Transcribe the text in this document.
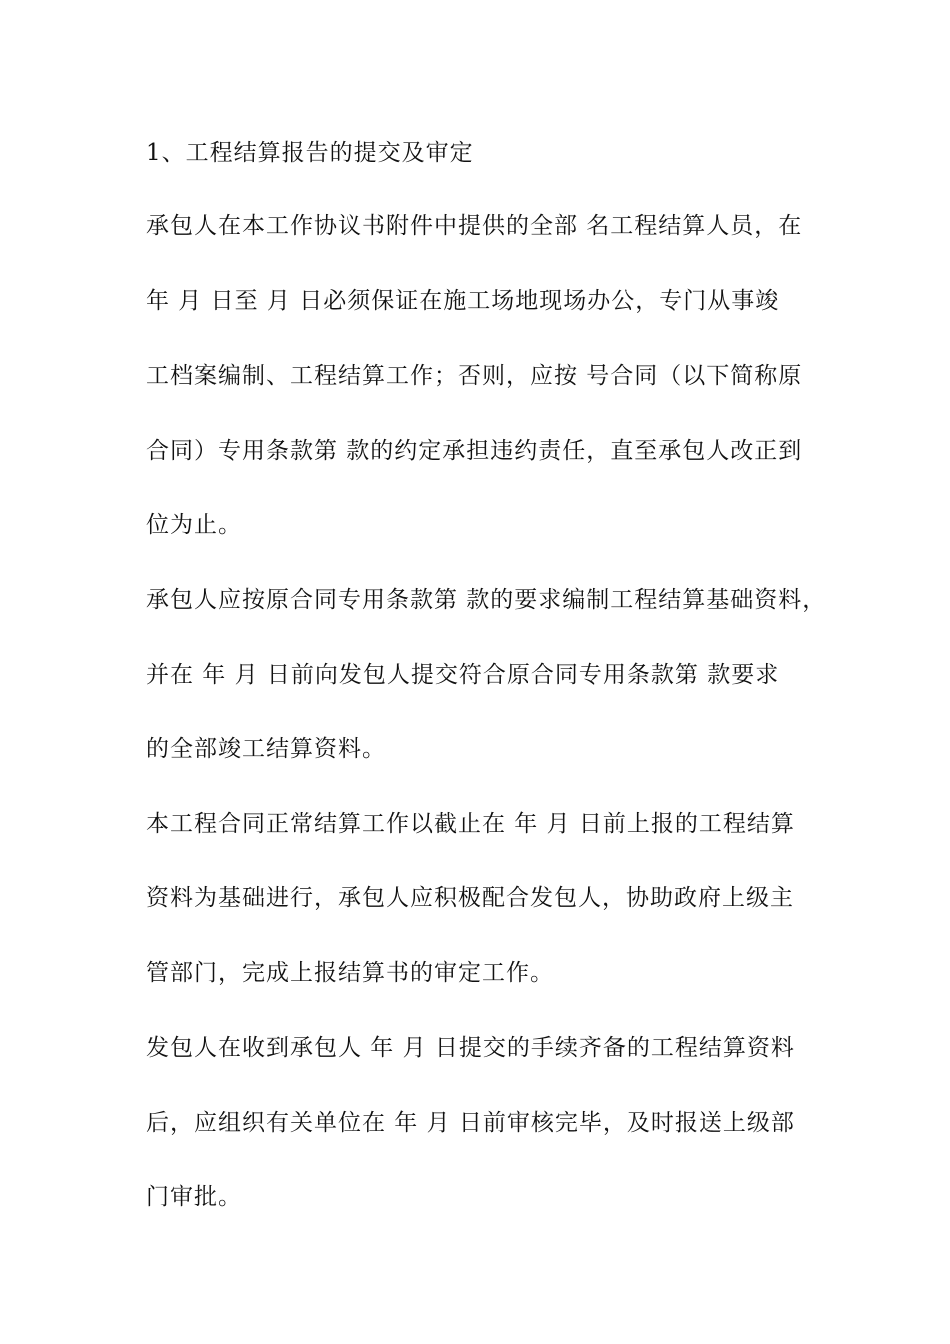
1、工程结算报告的提交及审定
承包人在本工作协议书附件中提供的全部 名工程结算人员，在
年 月 日至 月 日必须保证在施工场地现场办公，专门从事竣
工档案编制、工程结算工作；否则，应按 号合同（以下简称原
合同）专用条款第 款的约定承担违约责任，直至承包人改正到
位为止。
承包人应按原合同专用条款第 款的要求编制工程结算基础资料，
并在 年 月 日前向发包人提交符合原合同专用条款第 款要求
的全部竣工结算资料。
本工程合同正常结算工作以截止在 年 月 日前上报的工程结算
资料为基础进行，承包人应积极配合发包人，协助政府上级主
管部门，完成上报结算书的审定工作。
发包人在收到承包人 年 月 日提交的手续齐备的工程结算资料
后，应组织有关单位在 年 月 日前审核完毕，及时报送上级部
门审批。
